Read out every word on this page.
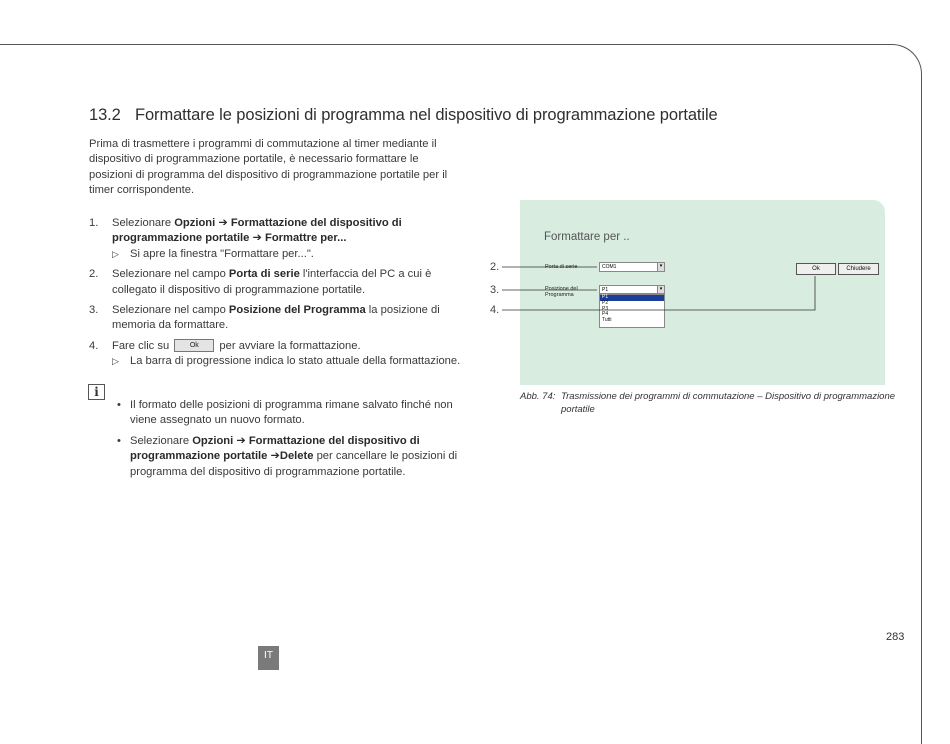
13.2 Formattare le posizioni di programma nel dispositivo di programmazione portatile
Prima di trasmettere i programmi di commutazione al timer mediante il dispositivo di programmazione portatile, è necessario formattare le posizioni di programma del dispositivo di programmazione portatile per il timer corrispondente.
1. Selezionare Opzioni ➔ Formattazione del dispositivo di programmazione portatile ➔ Formattre per...
▷ Si apre la finestra "Formattare per...".
2. Selezionare nel campo Porta di serie l'interfaccia del PC a cui è collegato il dispositivo di programmazione portatile.
3. Selezionare nel campo Posizione del Programma la posizione di memoria da formattare.
4. Fare clic su	Ok per avviare la formattazione.
▷ La barra di progressione indica lo stato attuale della formattazione.
i
• Il formato delle posizioni di programma rimane salvato finché non viene assegnato un nuovo formato.
• Selezionare Opzioni ➔ Formattazione del dispositivo di programmazione portatile ➔Delete per cancellare le posizioni di programma del dispositivo di programmazione portatile.
Formattare per ..
Porta di serie	COM1	▾
Posizione del Programma
P1	▾
P1
P2
P3
P4
Tutti
Ok	Chiudere
2.
3.
4.
Abb. 74: Trasmissione dei programmi di commutazione – Dispositivo di programmazione portatile
283
IT
